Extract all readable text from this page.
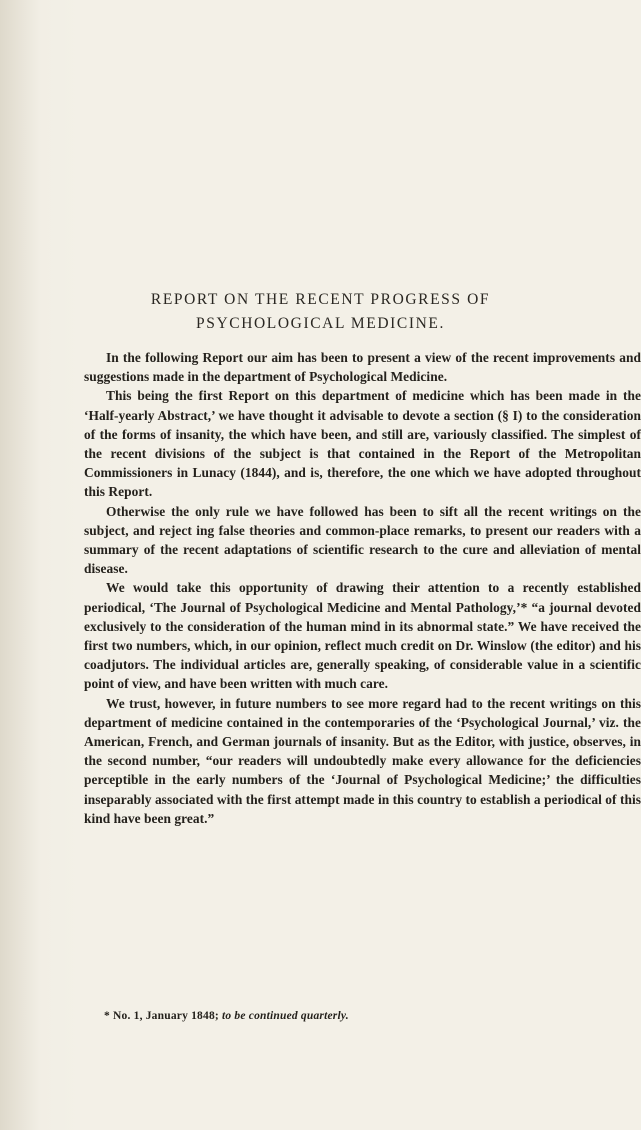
REPORT ON THE RECENT PROGRESS OF
PSYCHOLOGICAL MEDICINE.

In the following Report our aim has been to present a view of the recent improvements and suggestions made in the department of Psychological Medicine.

This being the first Report on this department of medicine which has been made in the ‘Half-yearly Abstract,’ we have thought it advisable to devote a section (§ I) to the consideration of the forms of insanity, the which have been, and still are, variously classified. The simplest of the recent divisions of the subject is that contained in the Report of the Metropolitan Commissioners in Lunacy (1844), and is, therefore, the one which we have adopted throughout this Report.

Otherwise the only rule we have followed has been to sift all the recent writings on the subject, and reject ing false theories and common-place remarks, to present our readers with a summary of the recent adaptations of scientific research to the cure and alleviation of mental disease.

We would take this opportunity of drawing their attention to a recently established periodical, ‘The Journal of Psychological Medicine and Mental Pathology,’* “a journal devoted exclusively to the consideration of the human mind in its abnormal state.” We have received the first two numbers, which, in our opinion, reflect much credit on Dr. Winslow (the editor) and his coadjutors. The individual articles are, generally speaking, of considerable value in a scientific point of view, and have been written with much care.

We trust, however, in future numbers to see more regard had to the recent writings on this department of medicine contained in the contemporaries of the ‘Psychological Journal,’ viz. the American, French, and German journals of insanity. But as the Editor, with justice, observes, in the second number, “our readers will undoubtedly make every allowance for the deficiencies perceptible in the early numbers of the ‘Journal of Psychological Medicine;’ the difficulties inseparably associated with the first attempt made in this country to establish a periodical of this kind have been great.”

* No. 1, January 1848; to be continued quarterly.
